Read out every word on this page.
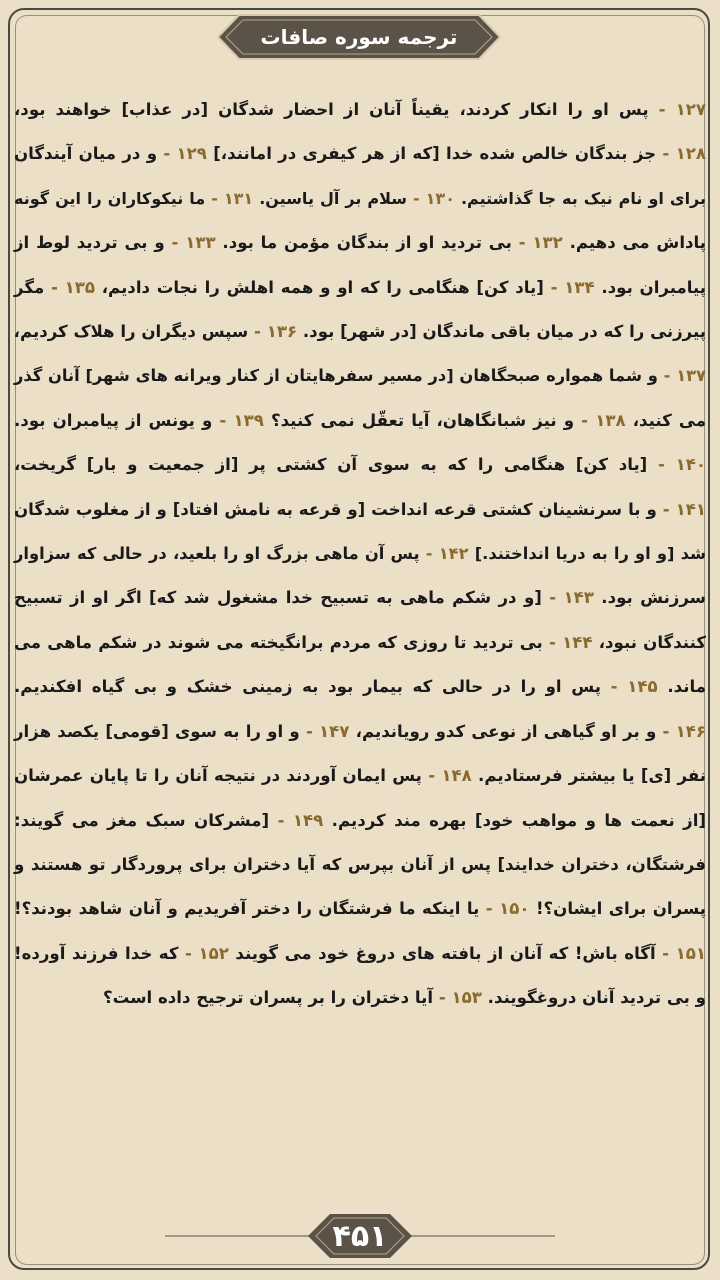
ترجمه سوره صافات
۱۲۷ - پس او را انکار کردند، یقیناً آنان از احضار شدگان [در عذاب] خواهند بود،
۱۲۸ - جز بندگان خالص شده خدا [که از هر کیفری در امانند،] ۱۲۹ - و در میان آیندگان
برای او نام نیک به جا گذاشتیم. ۱۳۰ - سلام بر آل یاسین. ۱۳۱ - ما نیکوکاران را این گونه
پاداش می دهیم. ۱۳۲ - بی تردید او از بندگان مؤمن ما بود. ۱۳۳ - و بی تردید لوط از
پیامبران بود. ۱۳۴ - [یاد کن] هنگامی را که او و همه اهلش را نجات دادیم، ۱۳۵ - مگر
پیرزنی را که در میان باقی ماندگان [در شهر] بود. ۱۳۶ - سپس دیگران را هلاک کردیم،
۱۳۷ - و شما همواره صبحگاهان [در مسیر سفرهایتان از کنار ویرانه های شهر] آنان گذر
می کنید، ۱۳۸ - و نیز شبانگاهان، آیا تعقّل نمی کنید؟ ۱۳۹ - و یونس از پیامبران بود.
۱۴۰ - [یاد کن] هنگامی را که به سوی آن کشتی پر [از جمعیت و بار] گریخت،
۱۴۱ - و با سرنشینان کشتی قرعه انداخت [و قرعه به نامش افتاد] و از مغلوب شدگان
شد [و او را به دریا انداختند.] ۱۴۲ - پس آن ماهی بزرگ او را بلعید، در حالی که سزاوار
سرزنش بود. ۱۴۳ - [و در شکم ماهی به تسبیح خدا مشغول شد که] اگر او از تسبیح
کنندگان نبود، ۱۴۴ - بی تردید تا روزی که مردم برانگیخته می شوند در شکم ماهی می
ماند. ۱۴۵ - پس او را در حالی که بیمار بود به زمینی خشک و بی گیاه افکندیم.
۱۴۶ - و بر او گیاهی از نوعی کدو رویاندیم، ۱۴۷ - و او را به سوی [قومی] یکصد هزار
نفر [ی] یا بیشتر فرستادیم. ۱۴۸ - پس ایمان آوردند در نتیجه آنان را تا پایان عمرشان
[از نعمت ها و مواهب خود] بهره مند کردیم. ۱۴۹ - [مشرکان سبک مغز می گویند:
فرشتگان، دختران خدایند] پس از آنان بپرس که آیا دختران برای پروردگار تو هستند و
پسران برای ایشان؟! ۱۵۰ - یا اینکه ما فرشتگان را دختر آفریدیم و آنان شاهد بودند؟!
۱۵۱ - آگاه باش! که آنان از بافته های دروغ خود می گویند ۱۵۲ - که خدا فرزند آورده!
و بی تردید آنان دروغگویند. ۱۵۳ - آیا دختران را بر پسران ترجیح داده است؟
۴۵۱
